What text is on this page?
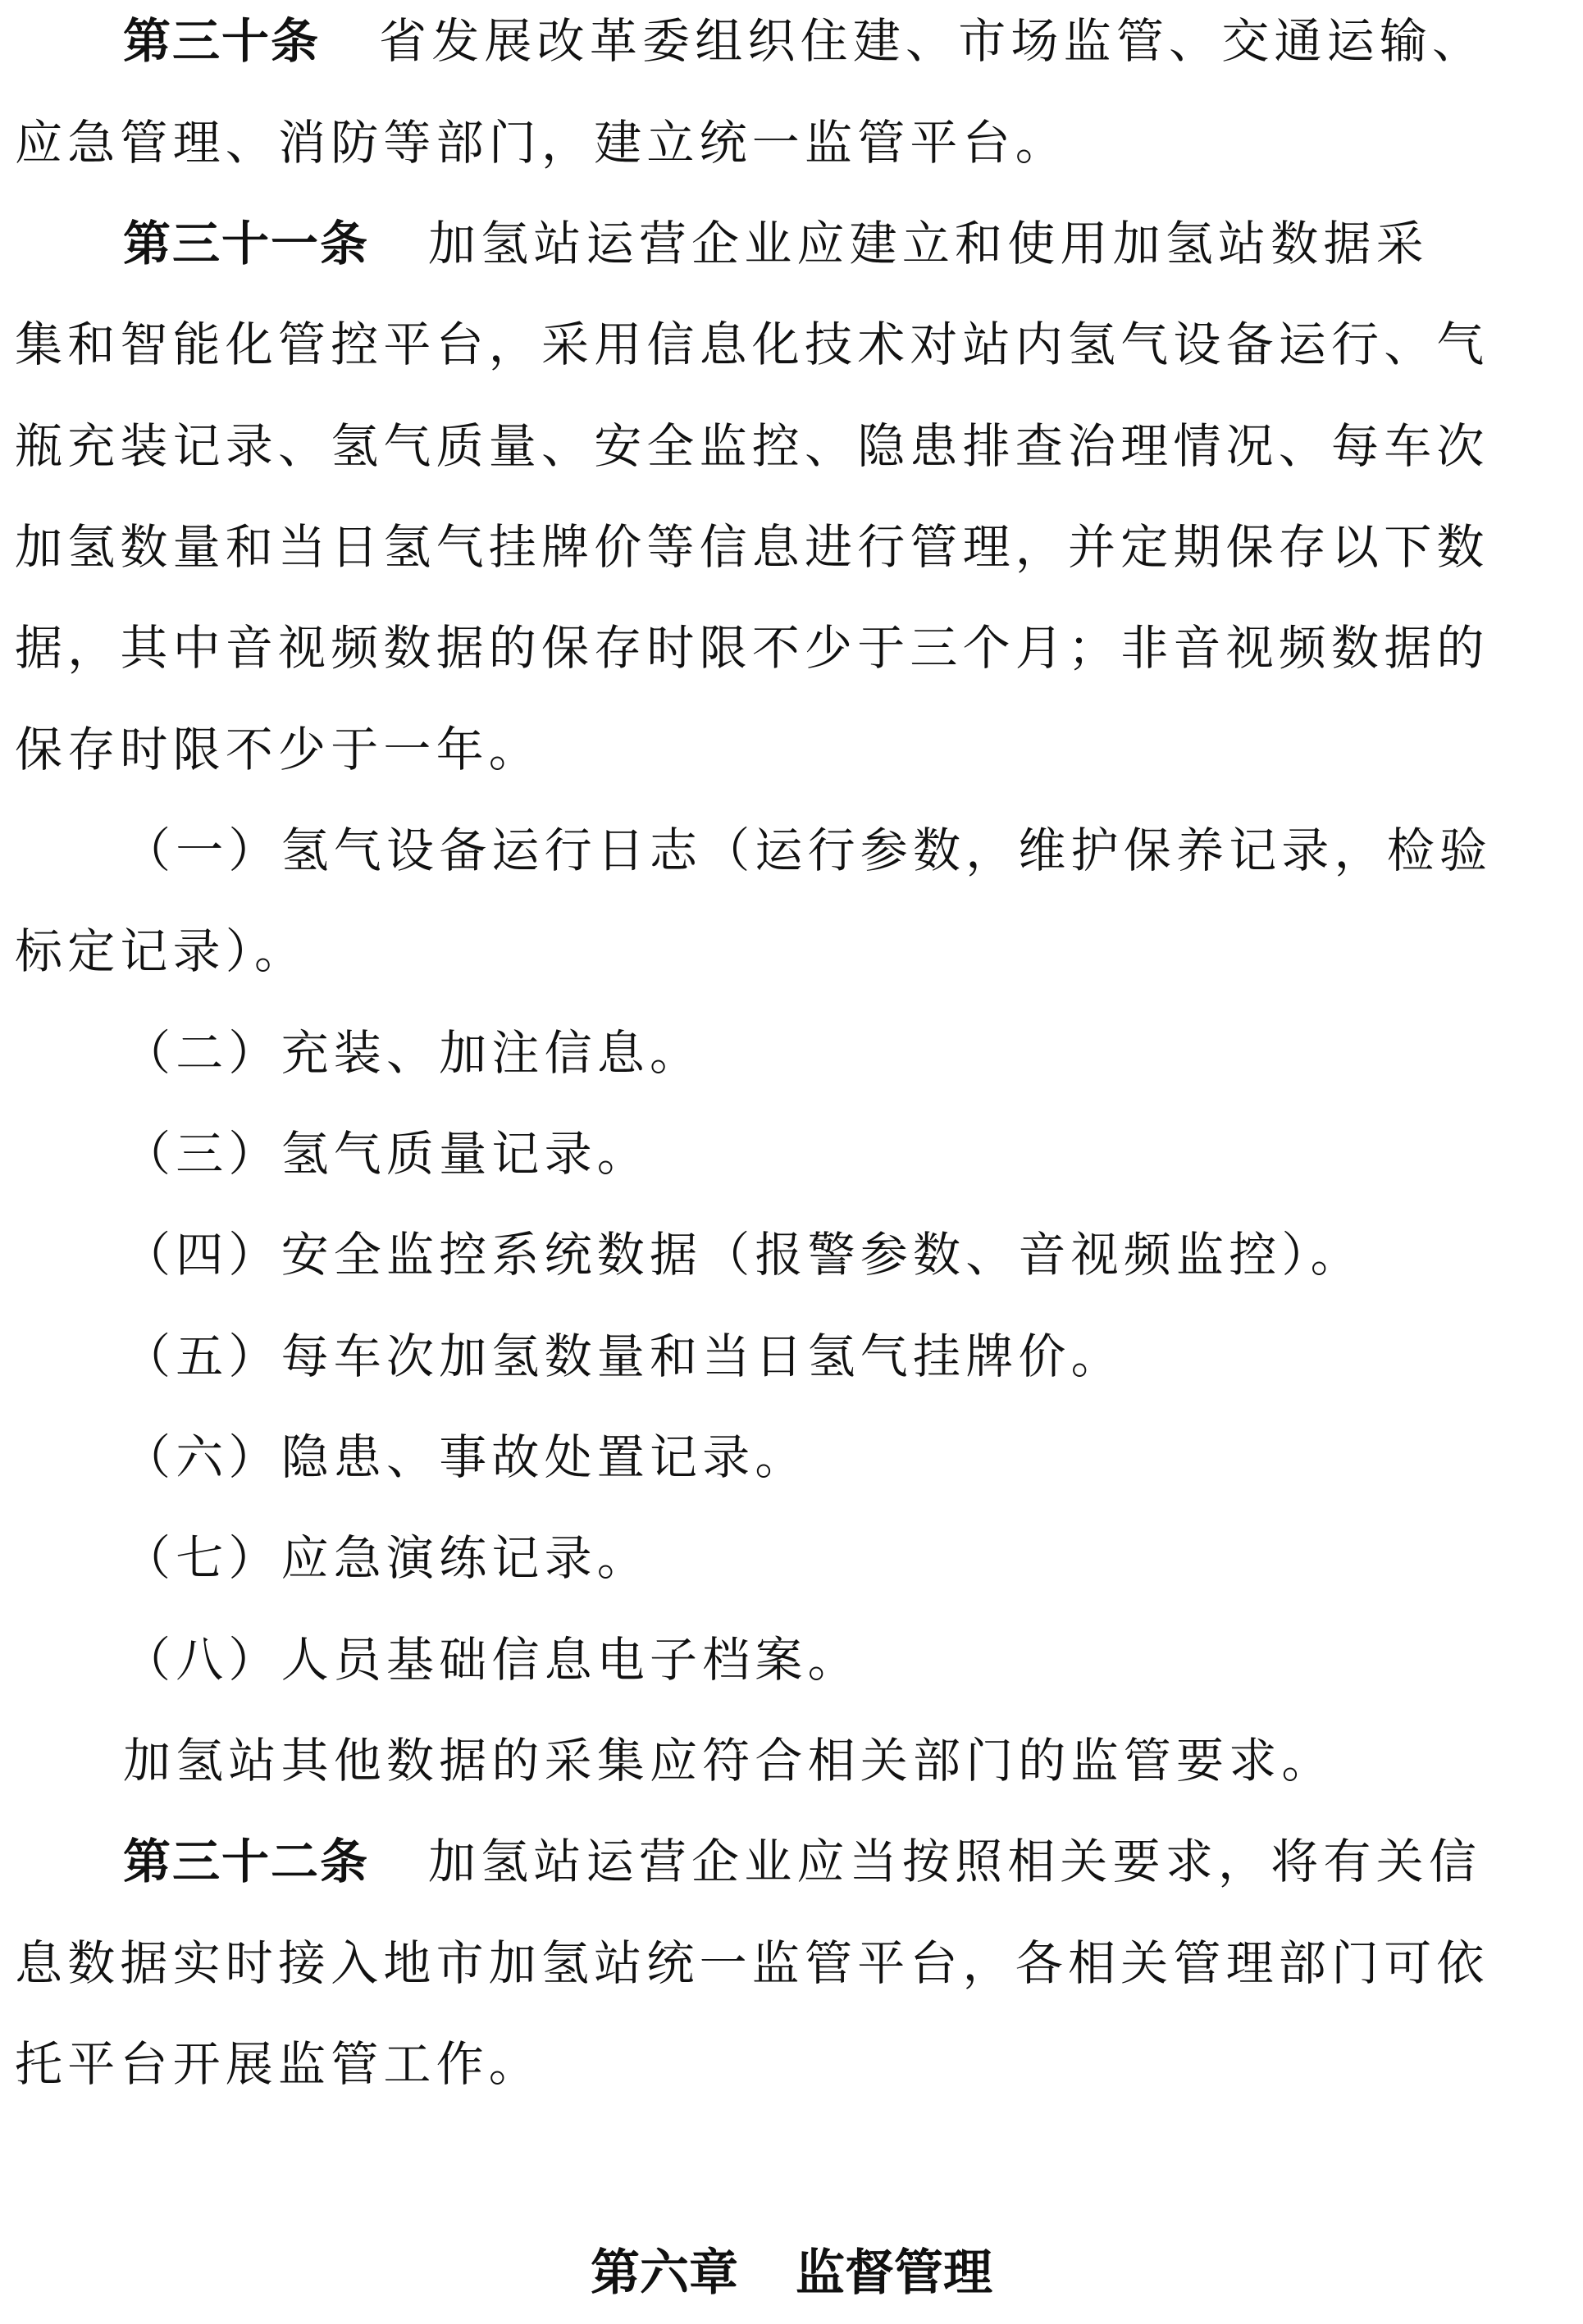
第三十条 省发展改革委组织住建、市场监管、交通运输、
应急管理、消防等部门，建立统一监管平台。
第三十一条 加氢站运营企业应建立和使用加氢站数据采
集和智能化管控平台，采用信息化技术对站内氢气设备运行、气
瓶充装记录、氢气质量、安全监控、隐患排查治理情况、每车次
加氢数量和当日氢气挂牌价等信息进行管理，并定期保存以下数
据，其中音视频数据的保存时限不少于三个月；非音视频数据的
保存时限不少于一年。
（一）氢气设备运行日志（运行参数，维护保养记录，检验
标定记录）。
（二）充装、加注信息。
（三）氢气质量记录。
（四）安全监控系统数据（报警参数、音视频监控）。
（五）每车次加氢数量和当日氢气挂牌价。
（六）隐患、事故处置记录。
（七）应急演练记录。
（八）人员基础信息电子档案。
加氢站其他数据的采集应符合相关部门的监管要求。
第三十二条 加氢站运营企业应当按照相关要求，将有关信
息数据实时接入地市加氢站统一监管平台，各相关管理部门可依
托平台开展监管工作。
第六章 监督管理
